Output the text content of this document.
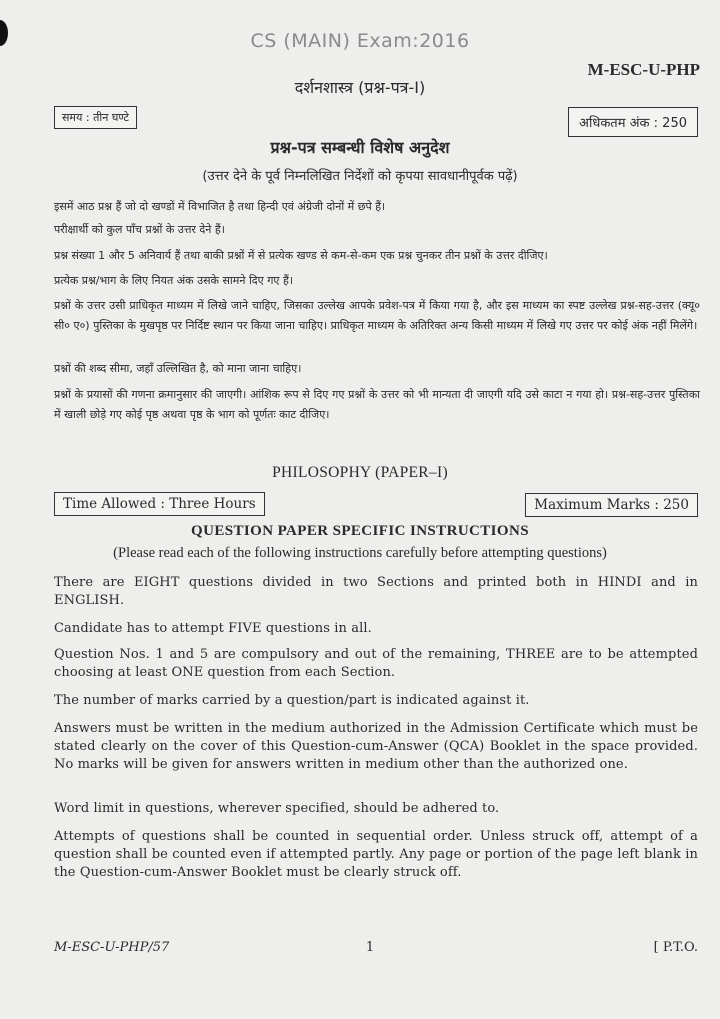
CS (MAIN) Exam:2016
M-ESC-U-PHP
दर्शनशास्त्र (प्रश्न-पत्र-I)
समय : तीन घण्टे	अधिकतम अंक : 250
प्रश्न-पत्र सम्बन्धी विशेष अनुदेश
(उत्तर देने के पूर्व निम्नलिखित निर्देशों को कृपया सावधानीपूर्वक पढ़ें)
इसमें आठ प्रश्न हैं जो दो खण्डों में विभाजित है तथा हिन्दी एवं अंग्रेजी दोनों में छपे हैं।
परीक्षार्थी को कुल पाँच प्रश्नों के उत्तर देने हैं।
प्रश्न संख्या 1 और 5 अनिवार्य हैं तथा बाकी प्रश्नों में से प्रत्येक खण्ड से कम-से-कम एक प्रश्न चुनकर तीन प्रश्नों के उत्तर दीजिए।
प्रत्येक प्रश्न/भाग के लिए नियत अंक उसके सामने दिए गए हैं।
प्रश्नों के उत्तर उसी प्राधिकृत माध्यम में लिखे जाने चाहिए, जिसका उल्लेख आपके प्रवेश-पत्र में किया गया है, और इस माध्यम का स्पष्ट उल्लेख प्रश्न-सह-उत्तर (क्यू० सी० ए०) पुस्तिका के मुखपृष्ठ पर निर्दिष्ट स्थान पर किया जाना चाहिए। प्राधिकृत माध्यम के अतिरिक्त अन्य किसी माध्यम में लिखे गए उत्तर पर कोई अंक नहीं मिलेंगे।
प्रश्नों की शब्द सीमा, जहाँ उल्लिखित है, को माना जाना चाहिए।
प्रश्नों के प्रयासों की गणना क्रमानुसार की जाएगी। आंशिक रूप से दिए गए प्रश्नों के उत्तर को भी मान्यता दी जाएगी यदि उसे काटा न गया हो। प्रश्न-सह-उत्तर पुस्तिका में खाली छोड़े गए कोई पृष्ठ अथवा पृष्ठ के भाग को पूर्णतः काट दीजिए।
PHILOSOPHY (PAPER–I)
Time Allowed : Three Hours	Maximum Marks : 250
QUESTION PAPER SPECIFIC INSTRUCTIONS
(Please read each of the following instructions carefully before attempting questions)
There are EIGHT questions divided in two Sections and printed both in HINDI and in ENGLISH.
Candidate has to attempt FIVE questions in all.
Question Nos. 1 and 5 are compulsory and out of the remaining, THREE are to be attempted choosing at least ONE question from each Section.
The number of marks carried by a question/part is indicated against it.
Answers must be written in the medium authorized in the Admission Certificate which must be stated clearly on the cover of this Question-cum-Answer (QCA) Booklet in the space provided. No marks will be given for answers written in medium other than the authorized one.
Word limit in questions, wherever specified, should be adhered to.
Attempts of questions shall be counted in sequential order. Unless struck off, attempt of a question shall be counted even if attempted partly. Any page or portion of the page left blank in the Question-cum-Answer Booklet must be clearly struck off.
M-ESC-U-PHP/57	1	[ P.T.O.
